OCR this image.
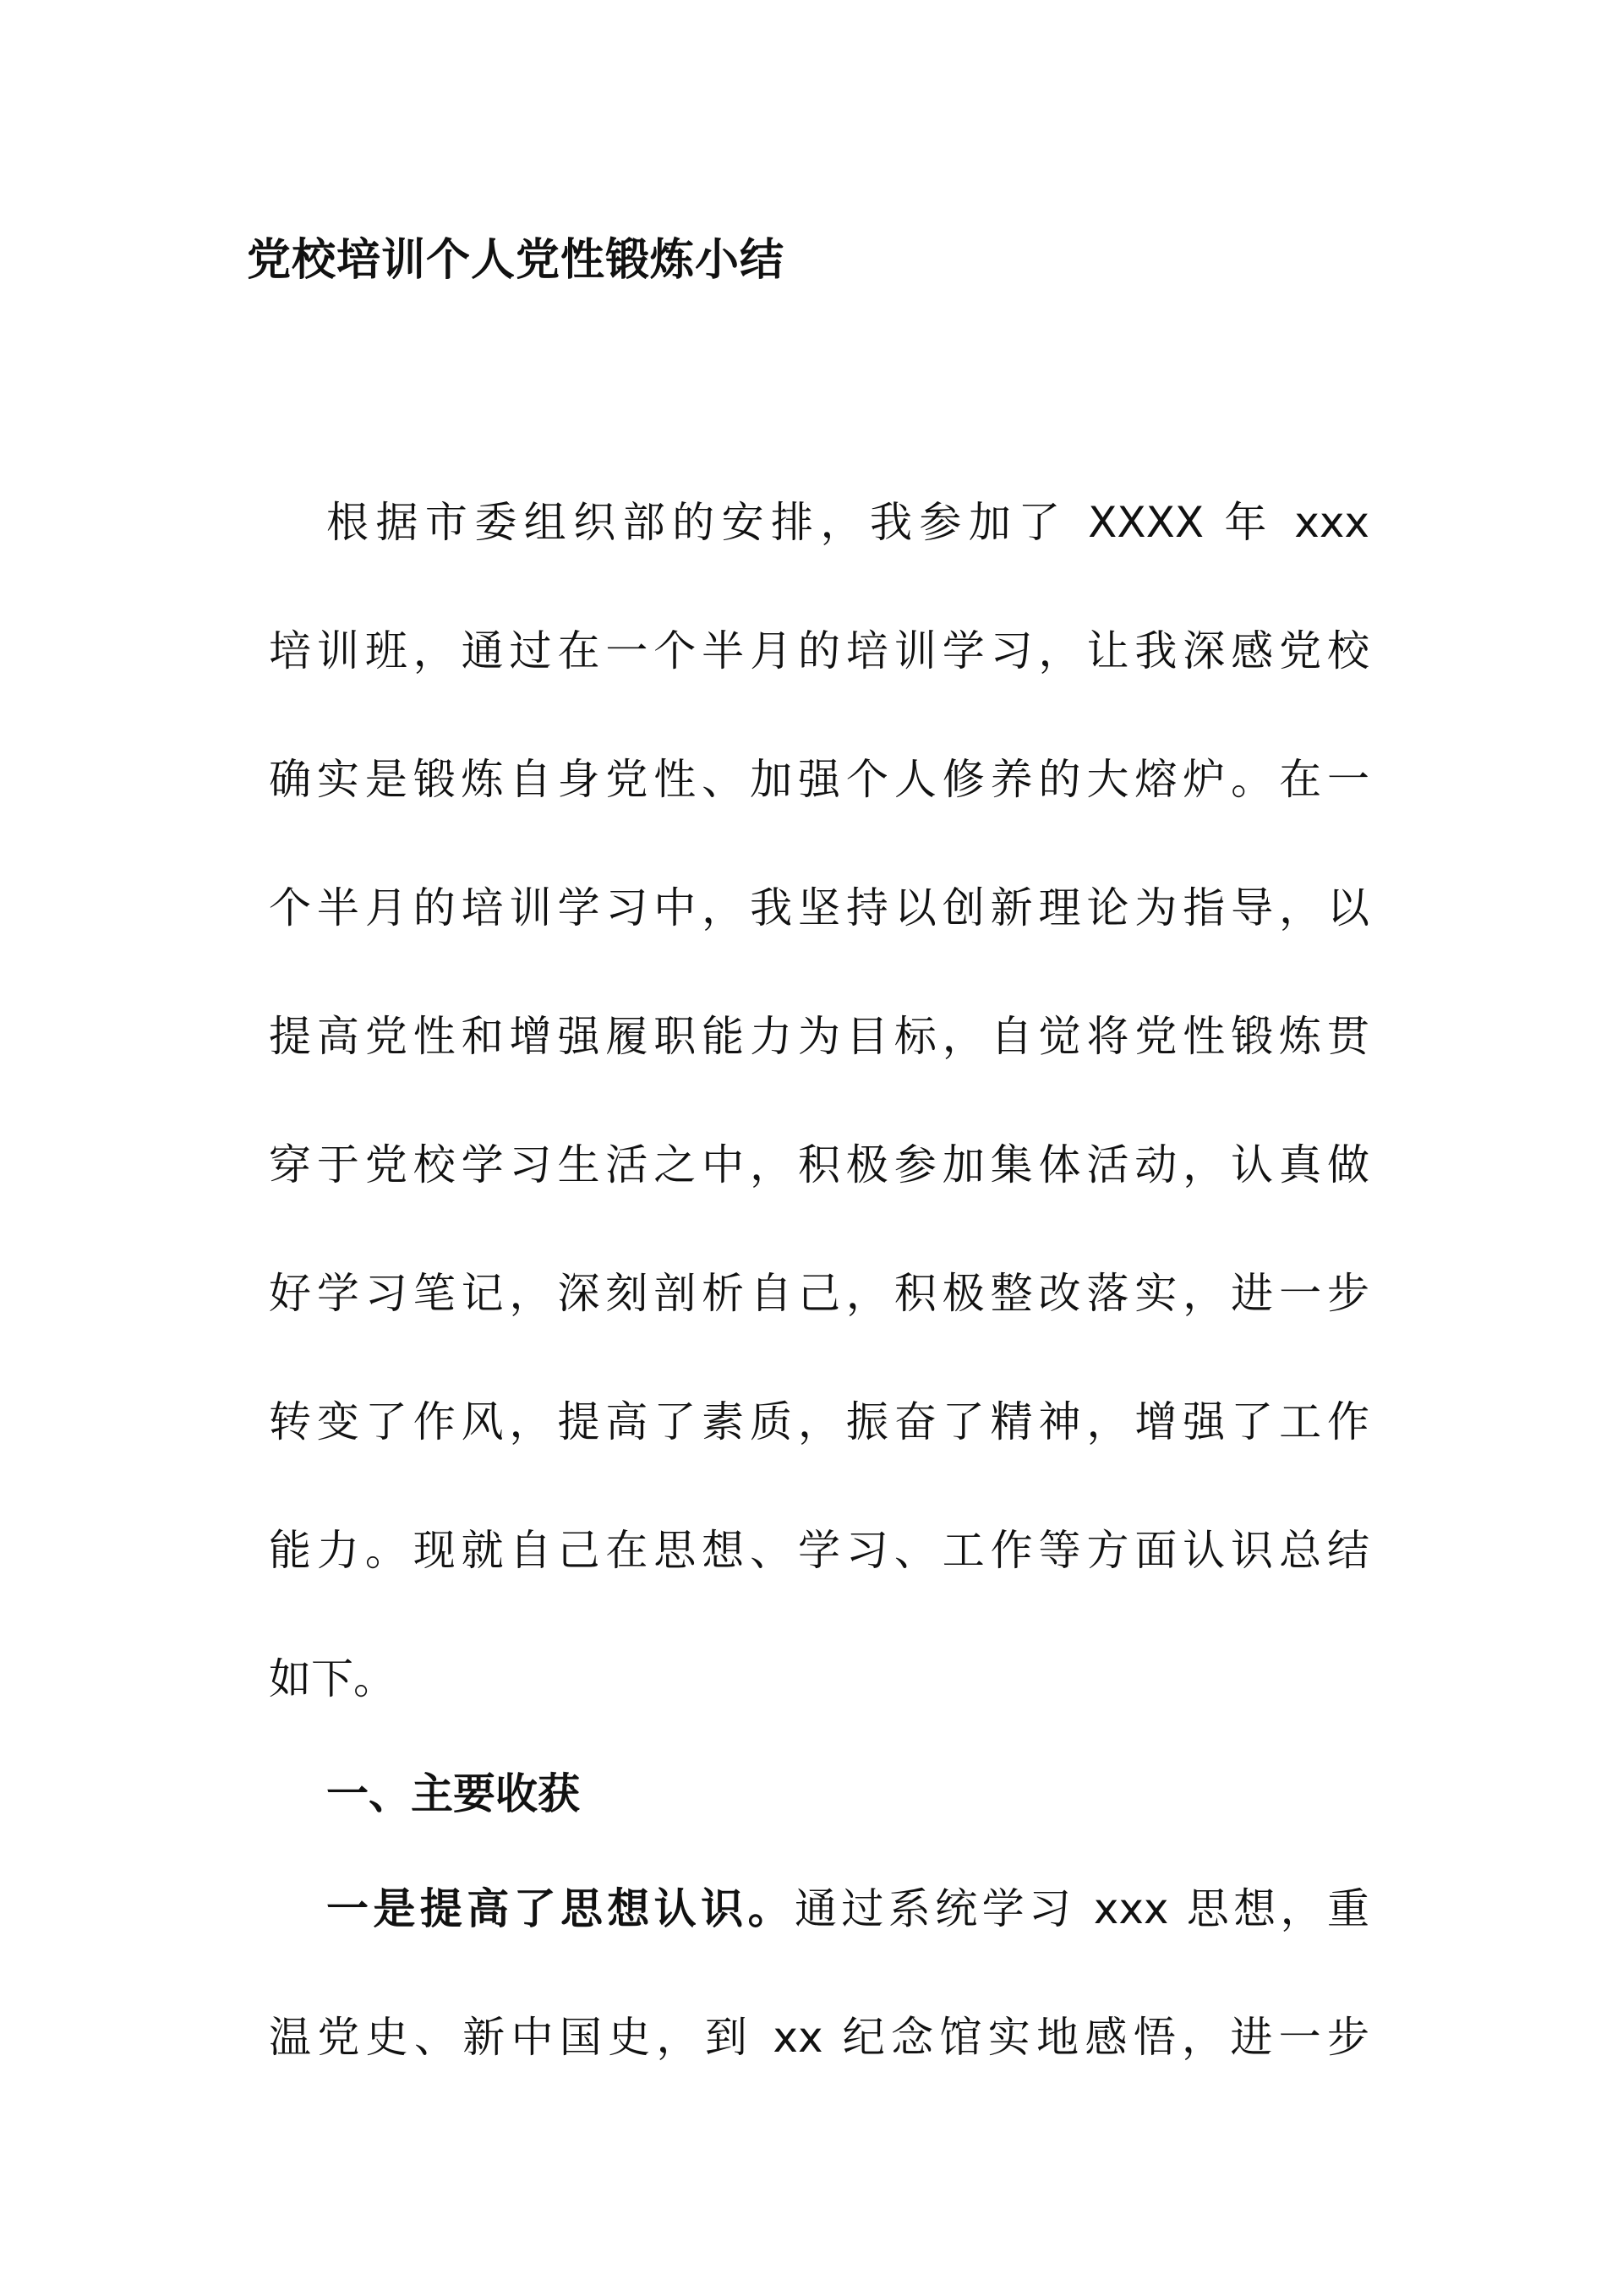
党校培训个人党性锻炼小结
根据市委组织部的安排，我参加了 XXXX 年 xxx
培训班，通过在一个半月的培训学习，让我深感党校
确实是锻炼自身党性、加强个人修养的大熔炉。在一
个半月的培训学习中，我坚持以创新理论为指导，以
提高党性和增强履职能力为目标，自觉将党性锻炼贯
穿于党校学习生活之中，积极参加集体活动，认真做
好学习笔记，深刻剖析自己，积极整改落实，进一步
转变了作风，提高了素质，振奋了精神，增强了工作
能力。现就自己在思想、学习、工作等方面认识总结
如下。
一、主要收获
一是提高了思想认识。通过系统学习 xxx 思想，重
温党史、新中国史，到 xx 纪念馆实地感悟，进一步
